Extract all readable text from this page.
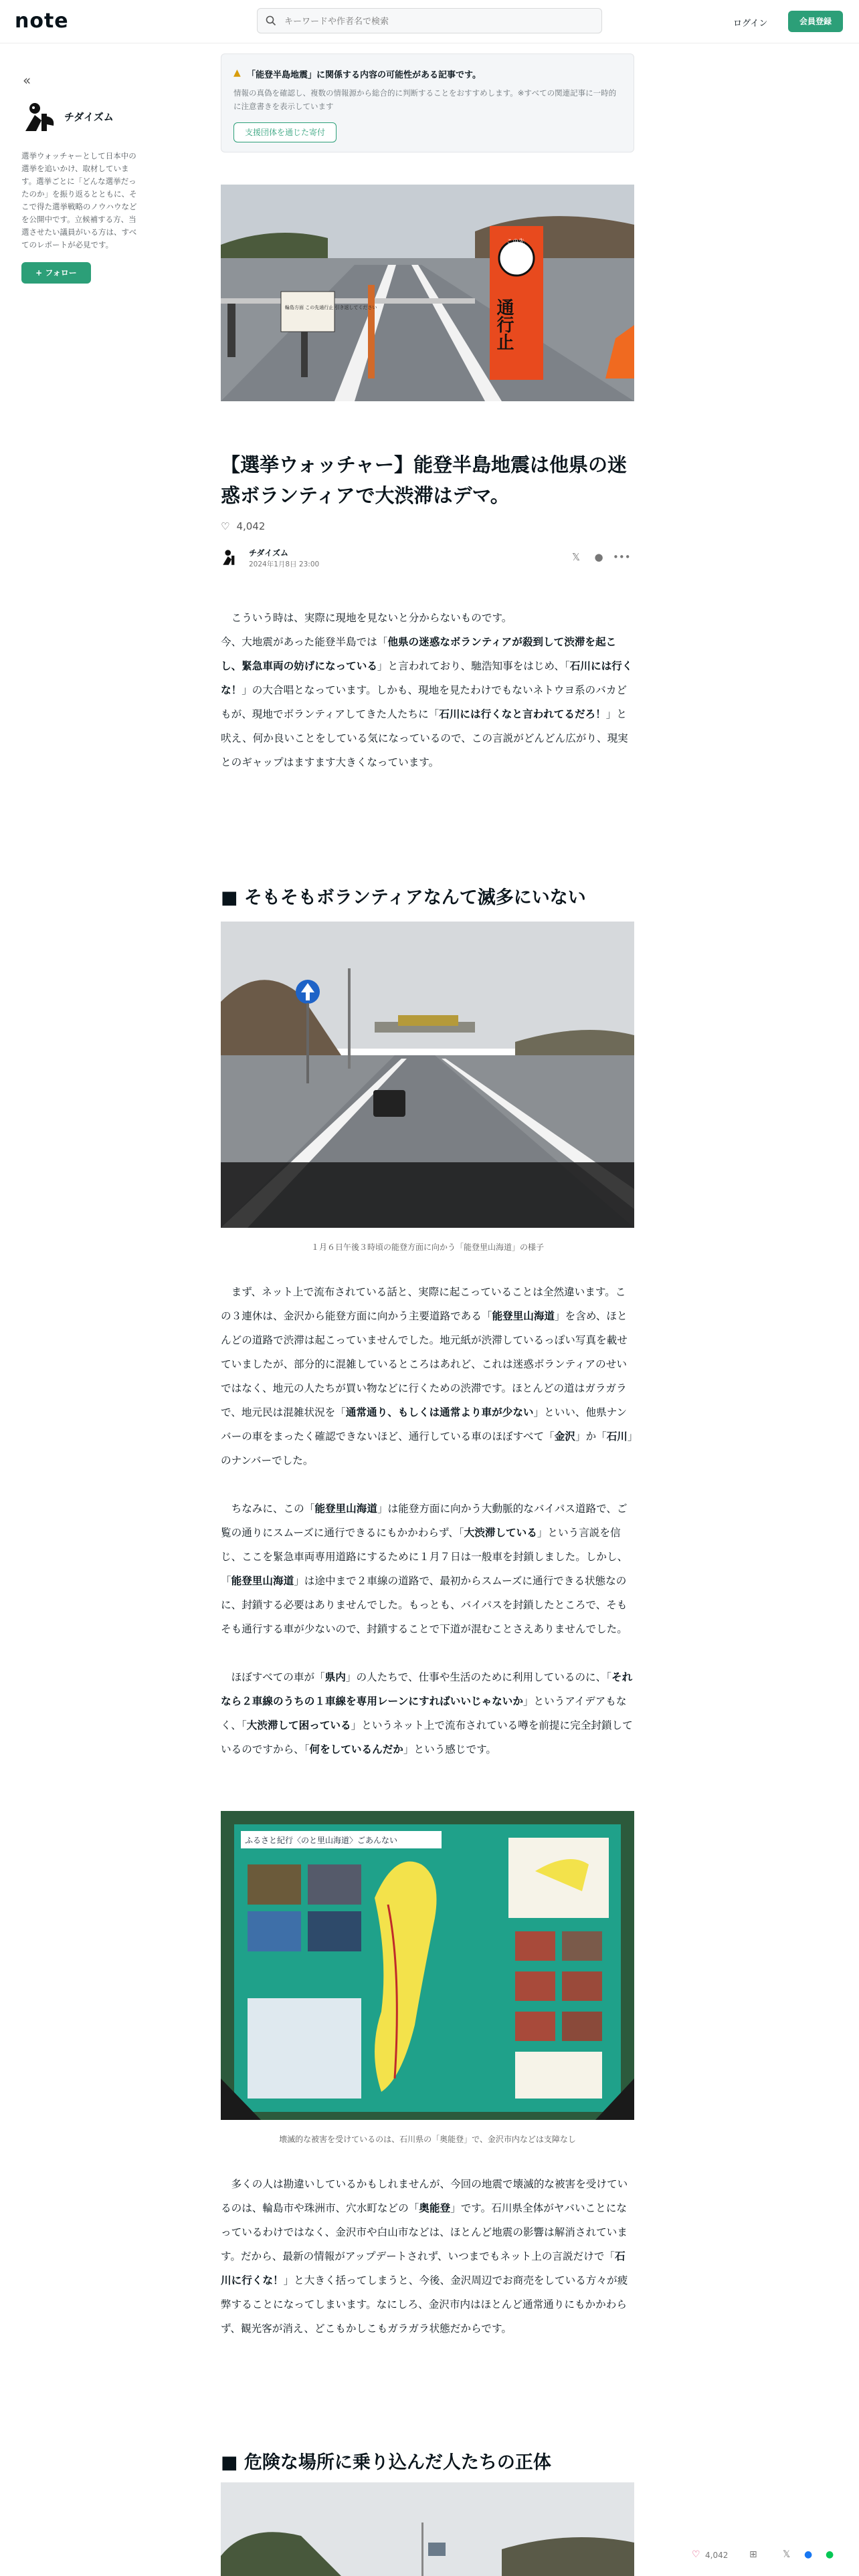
note
キーワードや作者名で検索	ログイン	会員登録
«
チダイズム
選挙ウォッチャーとして日本中の選挙を追いかけ、取材しています。選挙ごとに「どんな選挙だったのか」を振り返るとともに、そこで得た選挙戦略のノウハウなどを公開中です。立候補する方、当選させたい議員がいる方は、すべてのレポートが必見です。
+ フォロー
▲ 「能登半島地震」に関係する内容の可能性がある記事です。
情報の真偽を確認し、複数の情報源から総合的に判断することをおすすめします。※すべての関連記事に一時的に注意書きを表示しています
支援団体を通じた寄付
輪島方面 この先通行止 引き返してください
この先
通行止
【選挙ウォッチャー】能登半島地震は他県の迷惑ボランティアで大渋滞はデマ。
♡ 4,042
チダイズム
2024年1月8日 23:00
𝕏	● •••
こういう時は、実際に現地を見ないと分からないものです。
今、大地震があった能登半島では「他県の迷惑なボランティアが殺到して渋滞を起こし、緊急車両の妨げになっている」と言われており、馳浩知事をはじめ、「石川には行くな！」の大合唱となっています。しかも、現地を見たわけでもないネトウヨ系のバカどもが、現地でボランティアしてきた人たちに「石川には行くなと言われてるだろ！」と吠え、何か良いことをしている気になっているので、この言説がどんどん広がり、現実とのギャップはますます大きくなっています。
■ そもそもボランティアなんて滅多にいない
１月６日午後３時頃の能登方面に向かう「能登里山海道」の様子
まず、ネット上で流布されている話と、実際に起こっていることは全然違います。この３連休は、金沢から能登方面に向かう主要道路である「能登里山海道」を含め、ほとんどの道路で渋滞は起こっていませんでした。地元紙が渋滞しているっぽい写真を載せていましたが、部分的に混雑しているところはあれど、これは迷惑ボランティアのせいではなく、地元の人たちが買い物などに行くための渋滞です。ほとんどの道はガラガラで、地元民は混雑状況を「通常通り、もしくは通常より車が少ない」といい、他県ナンバーの車をまったく確認できないほど、通行している車のほぼすべて「金沢」か「石川」のナンバーでした。
ちなみに、この「能登里山海道」は能登方面に向かう大動脈的なバイパス道路で、ご覧の通りにスムーズに通行できるにもかかわらず、「大渋滞している」という言説を信じ、ここを緊急車両専用道路にするために１月７日は一般車を封鎖しました。しかし、「能登里山海道」は途中まで２車線の道路で、最初からスムーズに通行できる状態なのに、封鎖する必要はありませんでした。もっとも、バイパスを封鎖したところで、そもそも通行する車が少ないので、封鎖することで下道が混むことさえありませんでした。
ほぼすべての車が「県内」の人たちで、仕事や生活のために利用しているのに、「それなら２車線のうちの１車線を専用レーンにすればいいじゃないか」というアイデアもなく、「大渋滞して困っている」というネット上で流布されている噂を前提に完全封鎖しているのですから、「何をしているんだか」という感じです。
ふるさと紀行〈のと里山海道〉ごあんない
壊滅的な被害を受けているのは、石川県の「奥能登」で、金沢市内などは支障なし
多くの人は勘違いしているかもしれませんが、今回の地震で壊滅的な被害を受けているのは、輪島市や珠洲市、穴水町などの「奥能登」です。石川県全体がヤバいことになっているわけではなく、金沢市や白山市などは、ほとんど地震の影響は解消されています。だから、最新の情報がアップデートされず、いつまでもネット上の言説だけで「石川に行くな！」と大きく括ってしまうと、今後、金沢周辺でお商売をしている方々が疲弊することになってしまいます。なにしろ、金沢市内はほとんど通常通りにもかかわらず、観光客が消え、どこもかしこもガラガラ状態だからです。
■ 危険な場所に乗り込んだ人たちの正体
♡ 4,042 ⊞	𝕏 ● ●
